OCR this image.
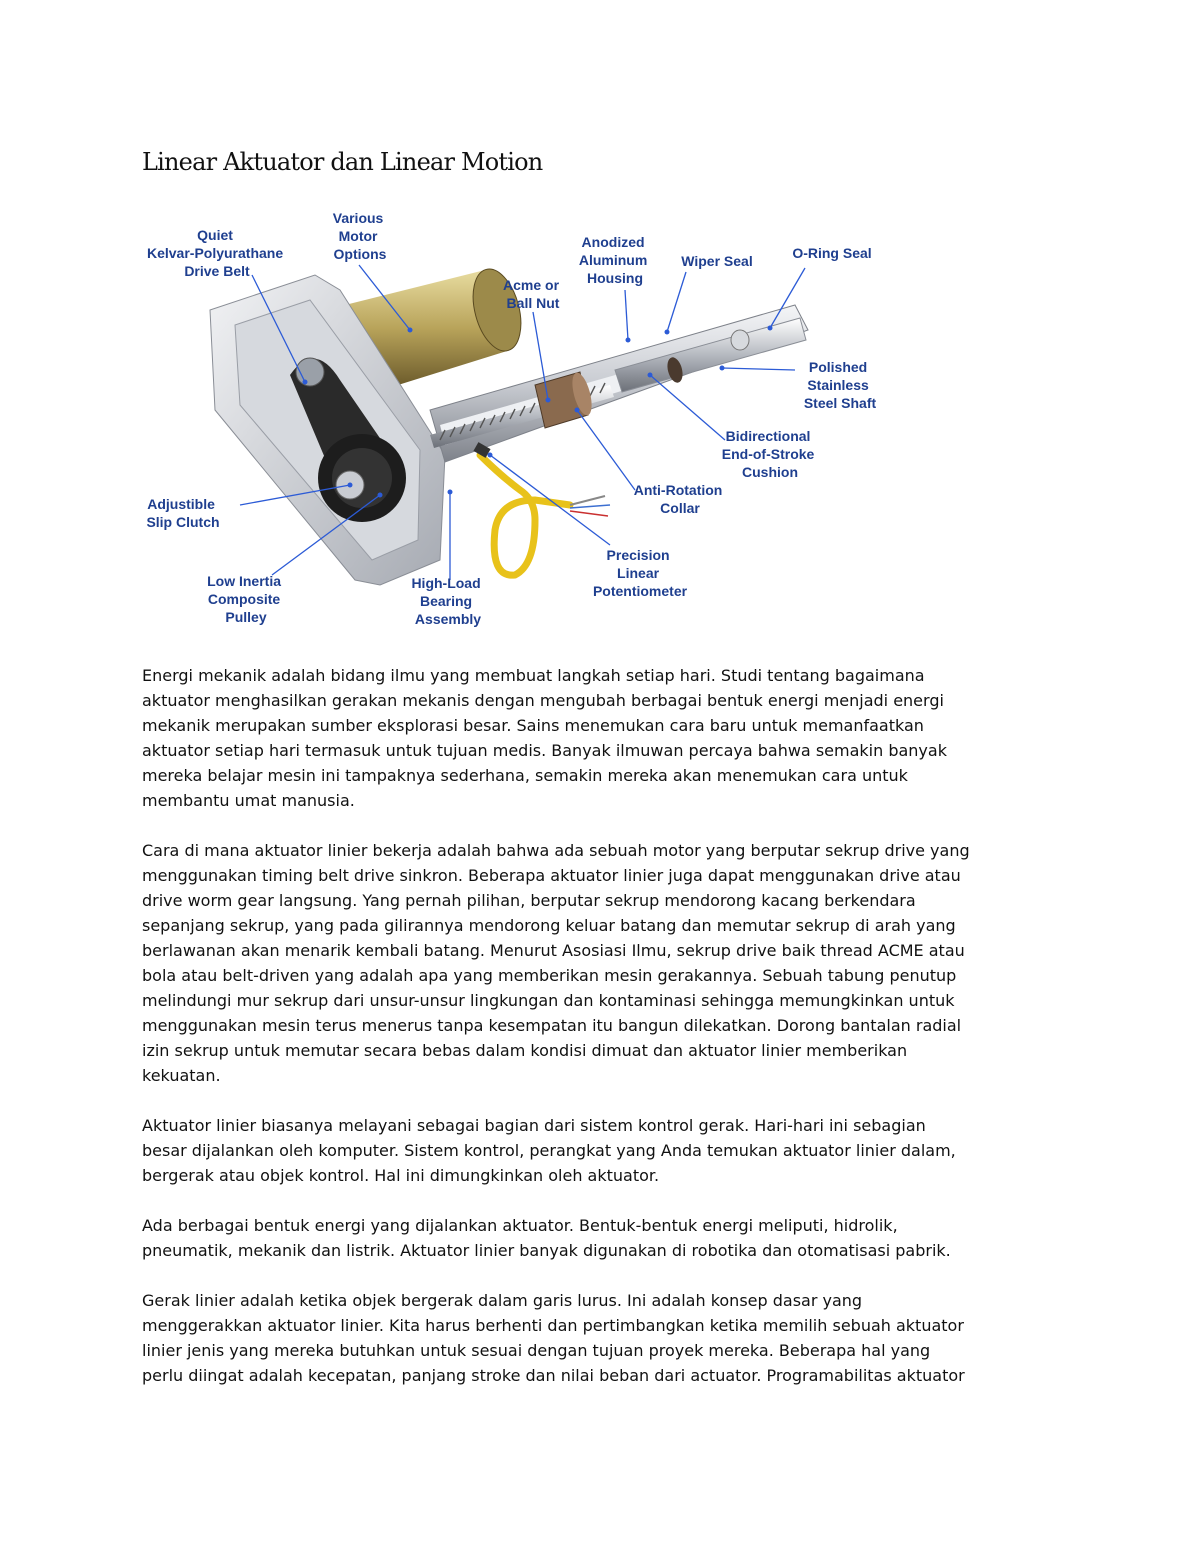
Linear Aktuator dan Linear Motion
Quiet Kelvar-Polyurathane Drive Belt
Various Motor Options
Acme or Ball Nut
Anodized Aluminum Housing
Wiper Seal	O-Ring Seal
Polished Stainless Steel Shaft
Bidirectional End-of-Stroke Cushion
Anti-Rotation Collar
Precision Linear Potentiometer
High-Load Bearing Assembly
Low Inertia Composite Pulley
Adjustible Slip Clutch

Energi mekanik adalah bidang ilmu yang membuat langkah setiap hari. Studi tentang bagaimana
aktuator menghasilkan gerakan mekanis dengan mengubah berbagai bentuk energi menjadi energi
mekanik merupakan sumber eksplorasi besar. Sains menemukan cara baru untuk memanfaatkan
aktuator setiap hari termasuk untuk tujuan medis. Banyak ilmuwan percaya bahwa semakin banyak
mereka belajar mesin ini tampaknya sederhana, semakin mereka akan menemukan cara untuk
membantu umat manusia.

Cara di mana aktuator linier bekerja adalah bahwa ada sebuah motor yang berputar sekrup drive yang
menggunakan timing belt drive sinkron. Beberapa aktuator linier juga dapat menggunakan drive atau
drive worm gear langsung. Yang pernah pilihan, berputar sekrup mendorong kacang berkendara
sepanjang sekrup, yang pada gilirannya mendorong keluar batang dan memutar sekrup di arah yang
berlawanan akan menarik kembali batang. Menurut Asosiasi Ilmu, sekrup drive baik thread ACME atau
bola atau belt-driven yang adalah apa yang memberikan mesin gerakannya. Sebuah tabung penutup
melindungi mur sekrup dari unsur-unsur lingkungan dan kontaminasi sehingga memungkinkan untuk
menggunakan mesin terus menerus tanpa kesempatan itu bangun dilekatkan. Dorong bantalan radial
izin sekrup untuk memutar secara bebas dalam kondisi dimuat dan aktuator linier memberikan
kekuatan.

Aktuator linier biasanya melayani sebagai bagian dari sistem kontrol gerak. Hari-hari ini sebagian
besar dijalankan oleh komputer. Sistem kontrol, perangkat yang Anda temukan aktuator linier dalam,
bergerak atau objek kontrol. Hal ini dimungkinkan oleh aktuator.

Ada berbagai bentuk energi yang dijalankan aktuator. Bentuk-bentuk energi meliputi, hidrolik,
pneumatik, mekanik dan listrik. Aktuator linier banyak digunakan di robotika dan otomatisasi pabrik.

Gerak linier adalah ketika objek bergerak dalam garis lurus. Ini adalah konsep dasar yang
menggerakkan aktuator linier. Kita harus berhenti dan pertimbangkan ketika memilih sebuah aktuator
linier jenis yang mereka butuhkan untuk sesuai dengan tujuan proyek mereka. Beberapa hal yang
perlu diingat adalah kecepatan, panjang stroke dan nilai beban dari actuator. Programabilitas aktuator
